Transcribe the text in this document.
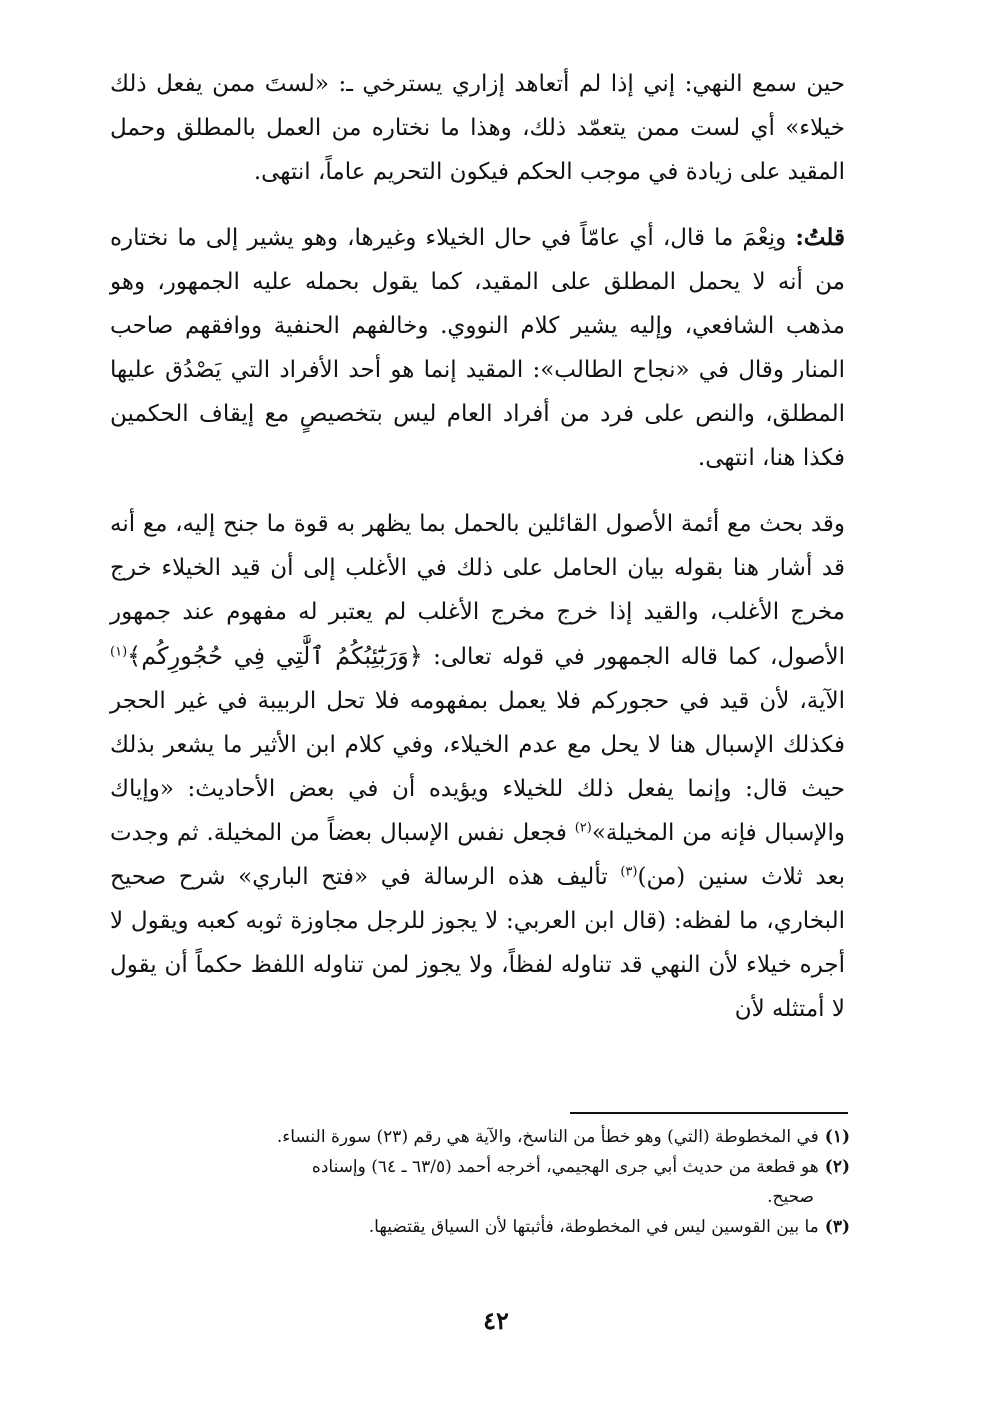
حين سمع النهي: إني إذا لم أتعاهد إزاري يسترخي ـ: «لستَ ممن يفعل ذلك خيلاء» أي لست ممن يتعمّد ذلك، وهذا ما نختاره من العمل بالمطلق وحمل المقيد على زيادة في موجب الحكم فيكون التحريم عاماً، انتهى.

قلتُ: ونِعْمَ ما قال، أي عامّاً في حال الخيلاء وغيرها، وهو يشير إلى ما نختاره من أنه لا يحمل المطلق على المقيد، كما يقول بحمله عليه الجمهور، وهو مذهب الشافعي، وإليه يشير كلام النووي. وخالفهم الحنفية ووافقهم صاحب المنار وقال في «نجاح الطالب»: المقيد إنما هو أحد الأفراد التي يَصْدُق عليها المطلق، والنص على فرد من أفراد العام ليس بتخصيصٍ مع إيقاف الحكمين فكذا هنا، انتهى.

وقد بحث مع أئمة الأصول القائلين بالحمل بما يظهر به قوة ما جنح إليه، مع أنه قد أشار هنا بقوله بيان الحامل على ذلك في الأغلب إلى أن قيد الخيلاء خرج مخرج الأغلب، والقيد إذا خرج مخرج الأغلب لم يعتبر له مفهوم عند جمهور الأصول، كما قاله الجمهور في قوله تعالى: ﴿وَرَبَٰٓئِبُكُمُ ٱلَّٰتِي فِي حُجُورِكُم﴾$^{(١)}$ الآية، لأن قيد في حجوركم فلا يعمل بمفهومه فلا تحل الربيبة في غير الحجر فكذلك الإسبال هنا لا يحل مع عدم الخيلاء، وفي كلام ابن الأثير ما يشعر بذلك حيث قال: وإنما يفعل ذلك للخيلاء ويؤيده أن في بعض الأحاديث: «وإياك والإسبال فإنه من المخيلة»$^{(٢)}$ فجعل نفس الإسبال بعضاً من المخيلة. ثم وجدت بعد ثلاث سنين (من)$^{(٣)}$ تأليف هذه الرسالة في «فتح الباري» شرح صحيح البخاري، ما لفظه: (قال ابن العربي: لا يجوز للرجل مجاوزة ثوبه كعبه ويقول لا أجره خيلاء لأن النهي قد تناوله لفظاً، ولا يجوز لمن تناوله اللفظ حكماً أن يقول لا أمتثله لأن

(١)في المخطوطة (التي) وهو خطأ من الناسخ، والآية هي رقم (٢٣) سورة النساء.

(٢)هو قطعة من حديث أبي جرى الهجيمي، أخرجه أحمد (٦٣/٥ ـ ٦٤) وإسناده

صحيح.

(٣)ما بين القوسين ليس في المخطوطة، فأثبتها لأن السياق يقتضيها.

٤٢
